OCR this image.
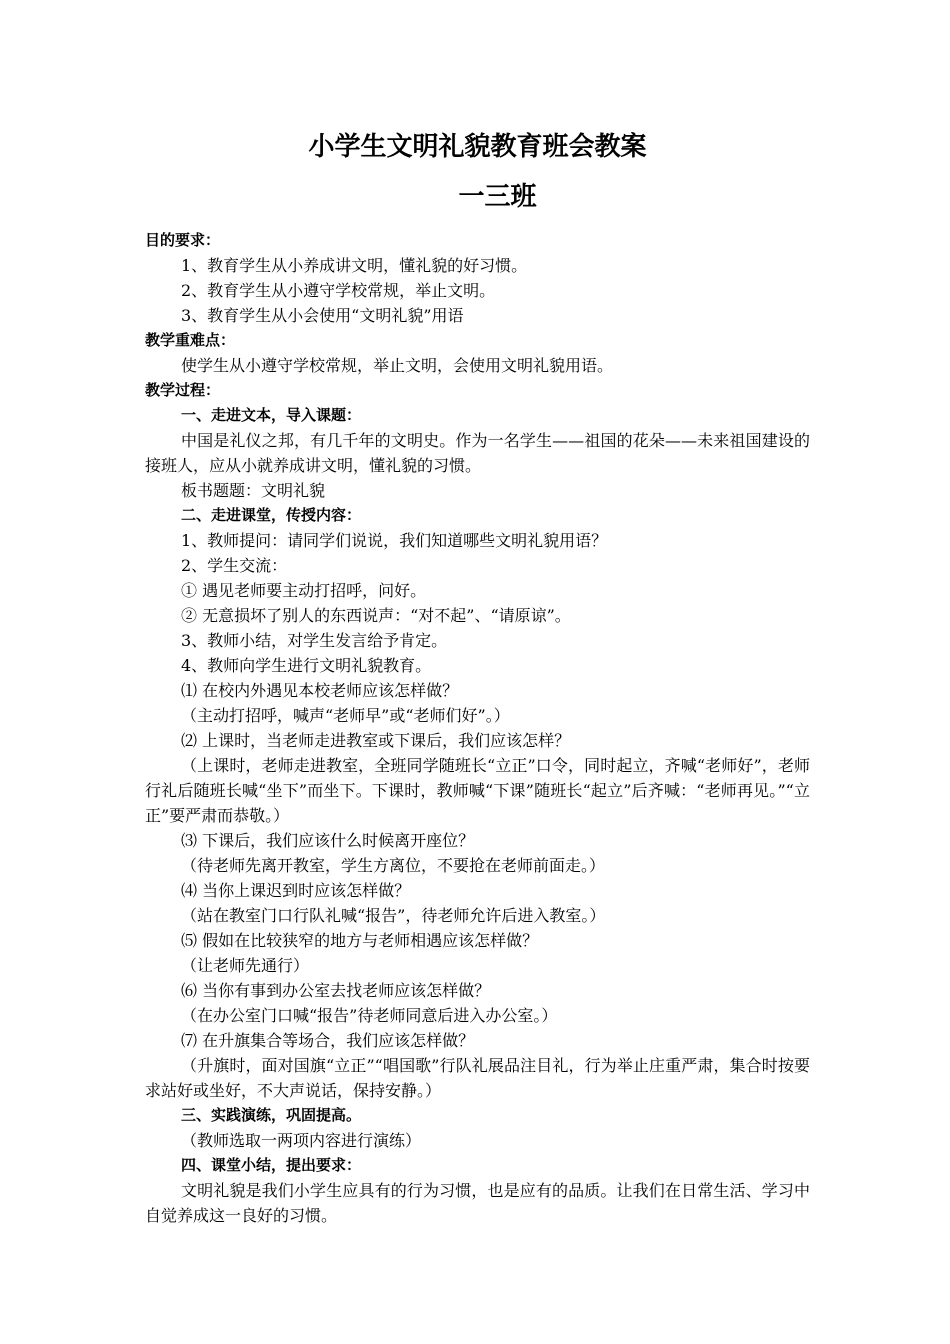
小学生文明礼貌教育班会教案
一三班

目的要求：

1、教育学生从小养成讲文明，懂礼貌的好习惯。

2、教育学生从小遵守学校常规，举止文明。

3、教育学生从小会使用“文明礼貌”用语

教学重难点：

使学生从小遵守学校常规，举止文明，会使用文明礼貌用语。

教学过程：

一、走进文本，导入课题：

中国是礼仪之邦，有几千年的文明史。作为一名学生——祖国的花朵——未来祖国建设的接班人，应从小就养成讲文明，懂礼貌的习惯。

板书题题：文明礼貌

二、走进课堂，传授内容：

1、教师提问：请同学们说说，我们知道哪些文明礼貌用语？

2、学生交流：

① 遇见老师要主动打招呼，问好。

② 无意损坏了别人的东西说声：“对不起”、“请原谅”。

3、教师小结，对学生发言给予肯定。

4、教师向学生进行文明礼貌教育。

⑴ 在校内外遇见本校老师应该怎样做？

（主动打招呼，喊声“老师早”或“老师们好”。）

⑵ 上课时，当老师走进教室或下课后，我们应该怎样？

（上课时，老师走进教室，全班同学随班长“立正”口令，同时起立，齐喊“老师好”，老师行礼后随班长喊“坐下”而坐下。下课时，教师喊“下课”随班长“起立”后齐喊：“老师再见。”“立正”要严肃而恭敬。）

⑶ 下课后，我们应该什么时候离开座位？

（待老师先离开教室，学生方离位，不要抢在老师前面走。）

⑷ 当你上课迟到时应该怎样做？

（站在教室门口行队礼喊“报告”，待老师允许后进入教室。）

⑸ 假如在比较狭窄的地方与老师相遇应该怎样做？

（让老师先通行）

⑹ 当你有事到办公室去找老师应该怎样做？

（在办公室门口喊“报告”待老师同意后进入办公室。）

⑺ 在升旗集合等场合，我们应该怎样做？

（升旗时，面对国旗“立正”“唱国歌”行队礼展品注目礼，行为举止庄重严肃，集合时按要求站好或坐好，不大声说话，保持安静。）

三、实践演练，巩固提高。

（教师选取一两项内容进行演练）

四、课堂小结，提出要求：

文明礼貌是我们小学生应具有的行为习惯，也是应有的品质。让我们在日常生活、学习中自觉养成这一良好的习惯。
